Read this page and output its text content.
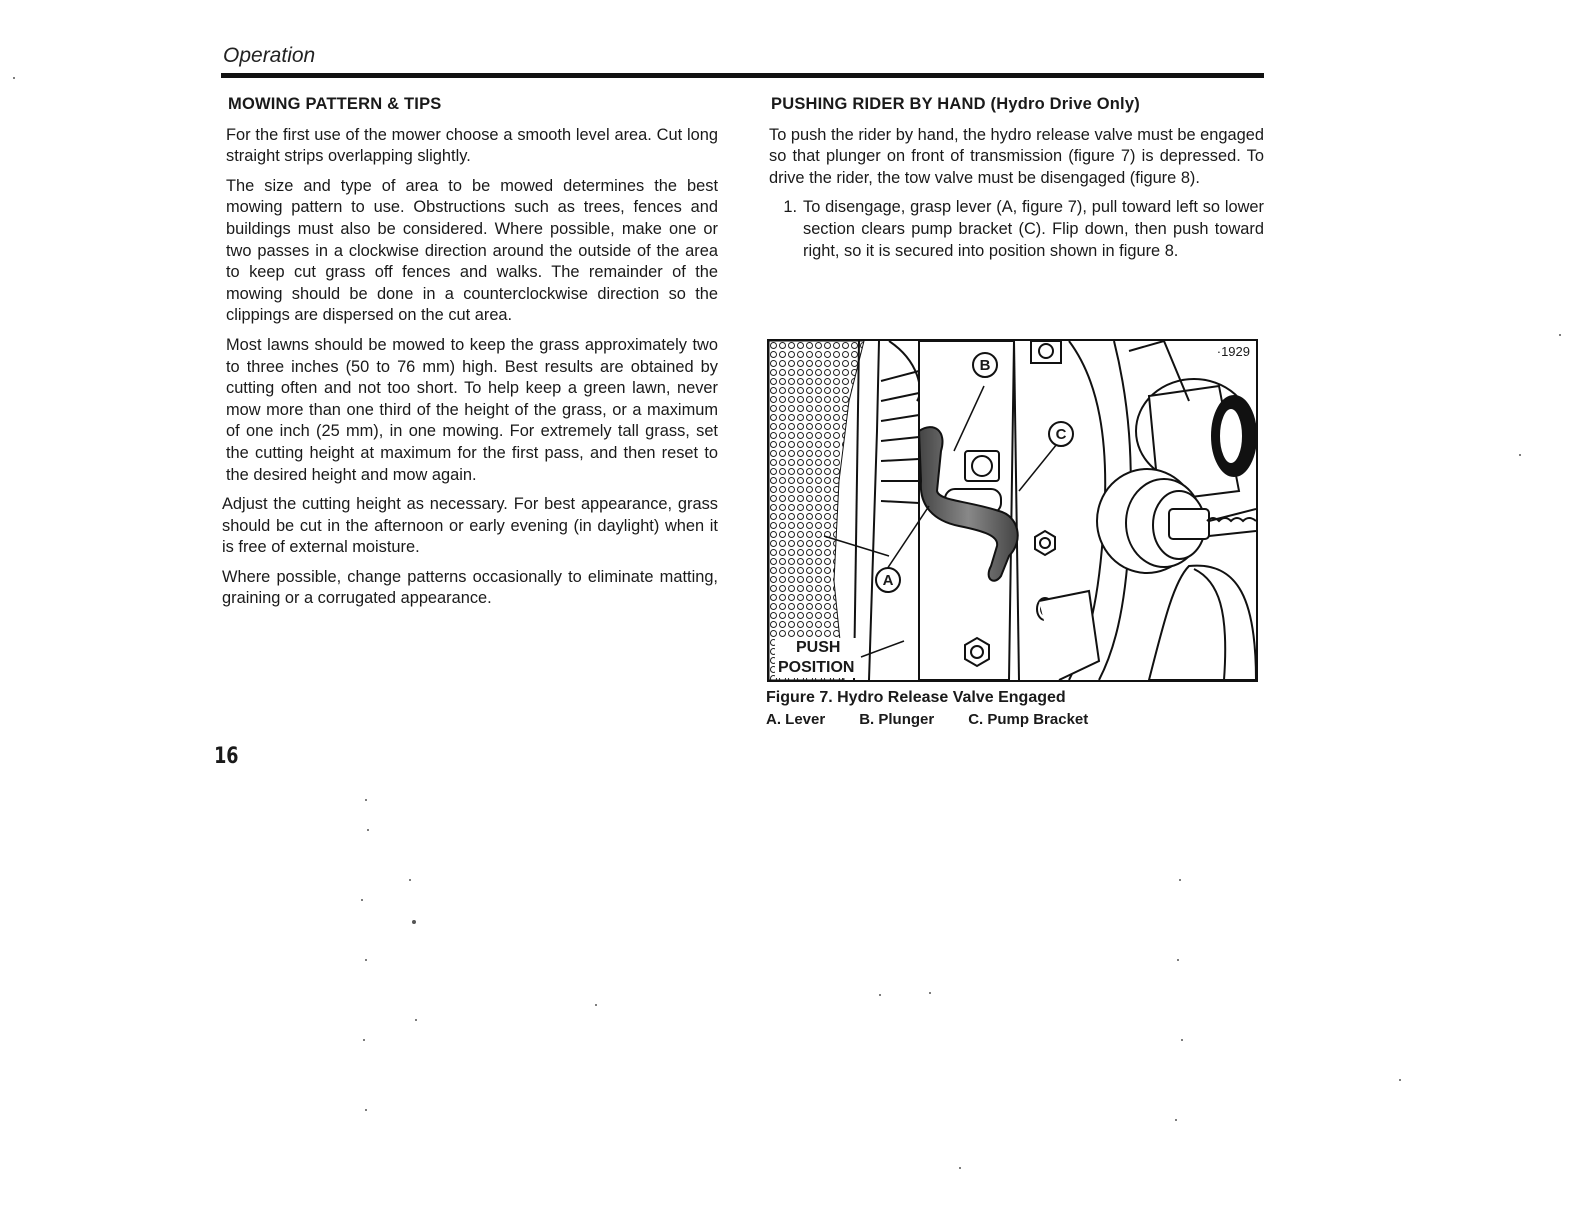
Operation
MOWING PATTERN & TIPS

For the first use of the mower choose a smooth level area. Cut long straight strips overlapping slightly.

The size and type of area to be mowed determines the best mowing pattern to use. Obstructions such as trees, fences and buildings must also be considered. Where possible, make one or two passes in a clockwise direction around the outside of the area to keep cut grass off fences and walks. The remainder of the mowing should be done in a counterclockwise direction so the clippings are dispersed on the cut area.

Most lawns should be mowed to keep the grass approximately two to three inches (50 to 76 mm) high. Best results are obtained by cutting often and not too short. To help keep a green lawn, never mow more than one third of the height of the grass, or a maximum of one inch (25 mm), in one mowing. For extremely tall grass, set the cutting height at maximum for the first pass, and then reset to the desired height and mow again.

Adjust the cutting height as necessary. For best appearance, grass should be cut in the afternoon or early evening (in daylight) when it is free of external moisture.

Where possible, change patterns occasionally to eliminate matting, graining or a corrugated appearance.

PUSHING RIDER BY HAND (Hydro Drive Only)

To push the rider by hand, the hydro release valve must be engaged so that plunger on front of transmission (figure 7) is depressed. To drive the rider, the tow valve must be disengaged (figure 8).

1. To disengage, grasp lever (A, figure 7), pull toward left so lower section clears pump bracket (C). Flip down, then push toward right, so it is secured into position shown in figure 8.
·1929
B
C
A
PUSH
POSITION
Figure 7. Hydro Release Valve Engaged
A. Lever B. Plunger C. Pump Bracket
16
